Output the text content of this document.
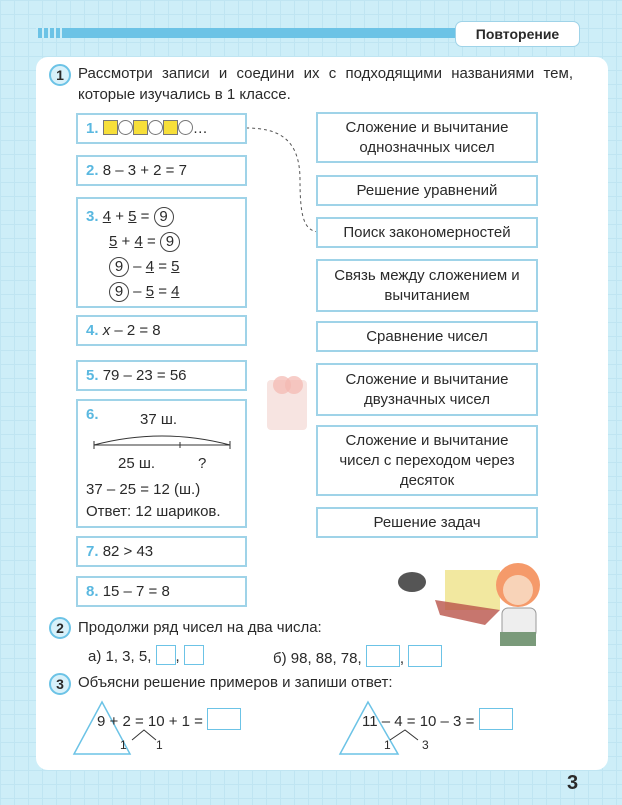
Повторение
1 Рассмотри записи и соедини их с подходящими названиями тем, которые изучались в 1 классе.
1.	…
2. 8 – 3 + 2 = 7
3. 4 + 5 = 9
5 + 4 = 9
9 – 4 = 5
9 – 5 = 4
4. x – 2 = 8
5. 79 – 23 = 56
6.	37 ш.
25 ш.	?
37 – 25 = 12 (ш.)
Ответ: 12 шариков.
7. 82 > 43
8. 15 – 7 = 8
Сложение и вычитание однозначных чисел
Решение уравнений
Поиск закономерностей
Связь между сложением и вычитанием
Сравнение чисел
Сложение и вычитание двузначных чисел
Сложение и вычитание чисел с переходом через десяток
Решение задач
2 Продолжи ряд чисел на два числа:
а) 1, 3, 5, ,	б) 98, 88, 78,	,
3 Объясни решение примеров и запиши ответ:
9 + 2 = 10 + 1 =
1 1
11 – 4 = 10 – 3 =
1	3
3
